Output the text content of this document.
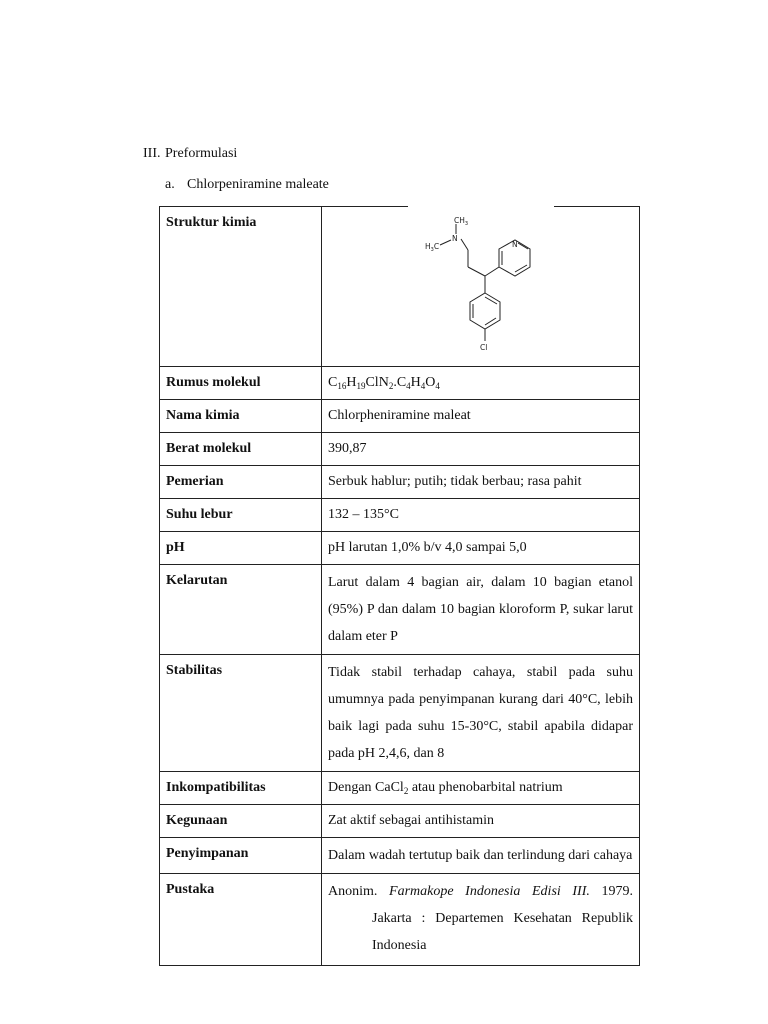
III. Preformulasi
a. Chlorpeniramine maleate
Struktur kimia	$CH_3$
N
$H_3C$ N
Cl

Rumus molekul	$C_{16}H_{19}ClN_2.C_4H_4O_4$
Nama kimia	Chlorpheniramine maleat
Berat molekul	390,87
Pemerian	Serbuk hablur; putih; tidak berbau; rasa pahit
Suhu lebur	132 – 135°C
pH	pH larutan 1,0% b/v 4,0 sampai 5,0
Kelarutan	Larut dalam 4 bagian air, dalam 10 bagian etanol (95%) P dan dalam 10 bagian kloroform P, sukar larut dalam eter P
Stabilitas	Tidak stabil terhadap cahaya, stabil pada suhu umumnya pada penyimpanan kurang dari 40°C, lebih baik lagi pada suhu 15-30°C, stabil apabila didapar pada pH 2,4,6, dan 8
Inkompatibilitas	Dengan CaCl$_2$ atau phenobarbital natrium
Kegunaan	Zat aktif sebagai antihistamin
Penyimpanan	Dalam wadah tertutup baik dan terlindung dari cahaya
Pustaka	Anonim. Farmakope Indonesia Edisi III. 1979.
Jakarta : Departemen Kesehatan Republik
Indonesia
